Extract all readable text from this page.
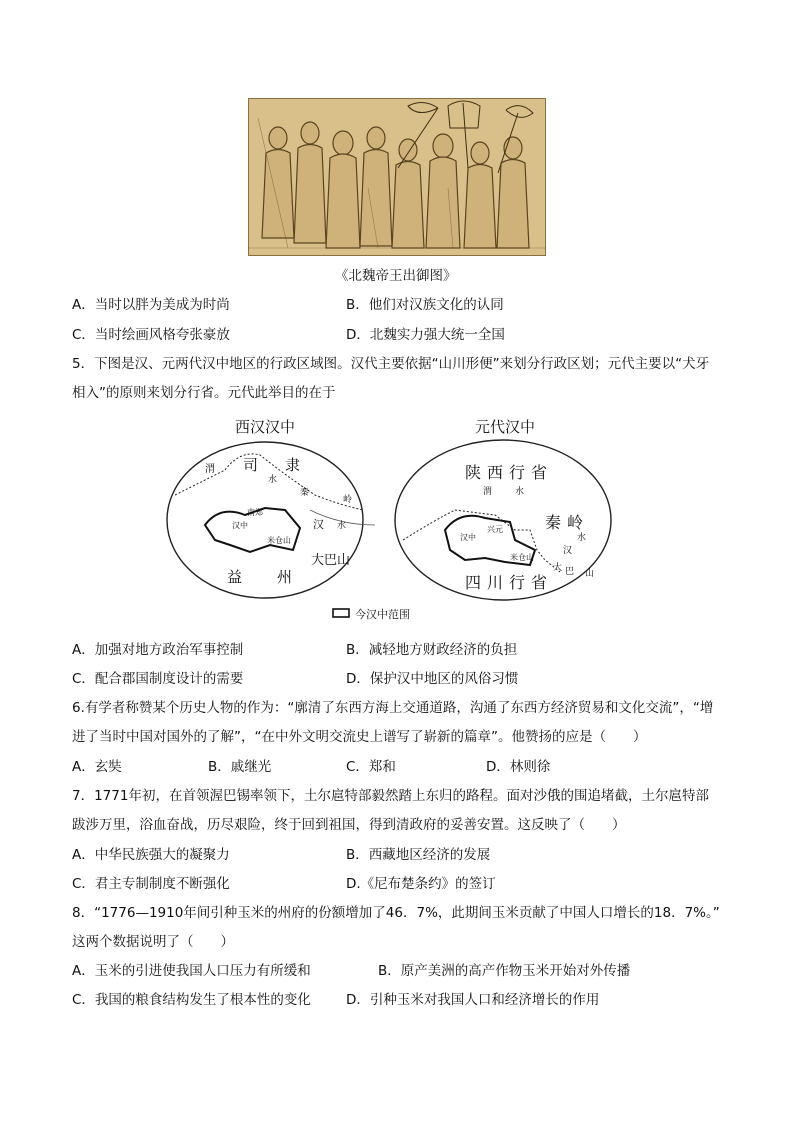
《北魏帝王出御图》
A．当时以胖为美成为时尚	B．他们对汉族文化的认同
C．当时绘画风格夸张豪放	D．北魏实力强大统一全国
5．下图是汉、元两代汉中地区的行政区域图。汉代主要依据“山川形便”来划分行政区划；元代主要以“犬牙
相入”的原则来划分行省。元代此举目的在于
西汉汉中
渭 司 隶
水
秦
岭
南郑
汉中
米仓山
汉 水
大巴山
益 州
元代汉中
陕 西 行 省
渭	水
兴元
汉中
秦 岭
米仓山
汉
水
大 巴 山
四 川 行 省
今汉中范围
A．加强对地方政治军事控制	B．减轻地方财政经济的负担
C．配合郡国制度设计的需要	D．保护汉中地区的风俗习惯
6.有学者称赞某个历史人物的作为：“廓清了东西方海上交通道路，沟通了东西方经济贸易和文化交流”，“增
进了当时中国对国外的了解”，“在中外文明交流史上谱写了崭新的篇章”。他赞扬的应是（　　）
A．玄奘	B．戚继光	C．郑和	D．林则徐
7．1771年初，在首领渥巴锡率领下，土尔扈特部毅然踏上东归的路程。面对沙俄的围追堵截，土尔扈特部
跋涉万里，浴血奋战，历尽艰险，终于回到祖国，得到清政府的妥善安置。这反映了（　　）
A．中华民族强大的凝聚力	B．西藏地区经济的发展
C．君主专制制度不断强化	D.《尼布楚条约》的签订
8．“1776—1910年间引种玉米的州府的份额增加了46．7%，此期间玉米贡献了中国人口增长的18．7%。”
这两个数据说明了（　　）
A．玉米的引进使我国人口压力有所缓和	B．原产美洲的高产作物玉米开始对外传播
C．我国的粮食结构发生了根本性的变化	D．引种玉米对我国人口和经济增长的作用
